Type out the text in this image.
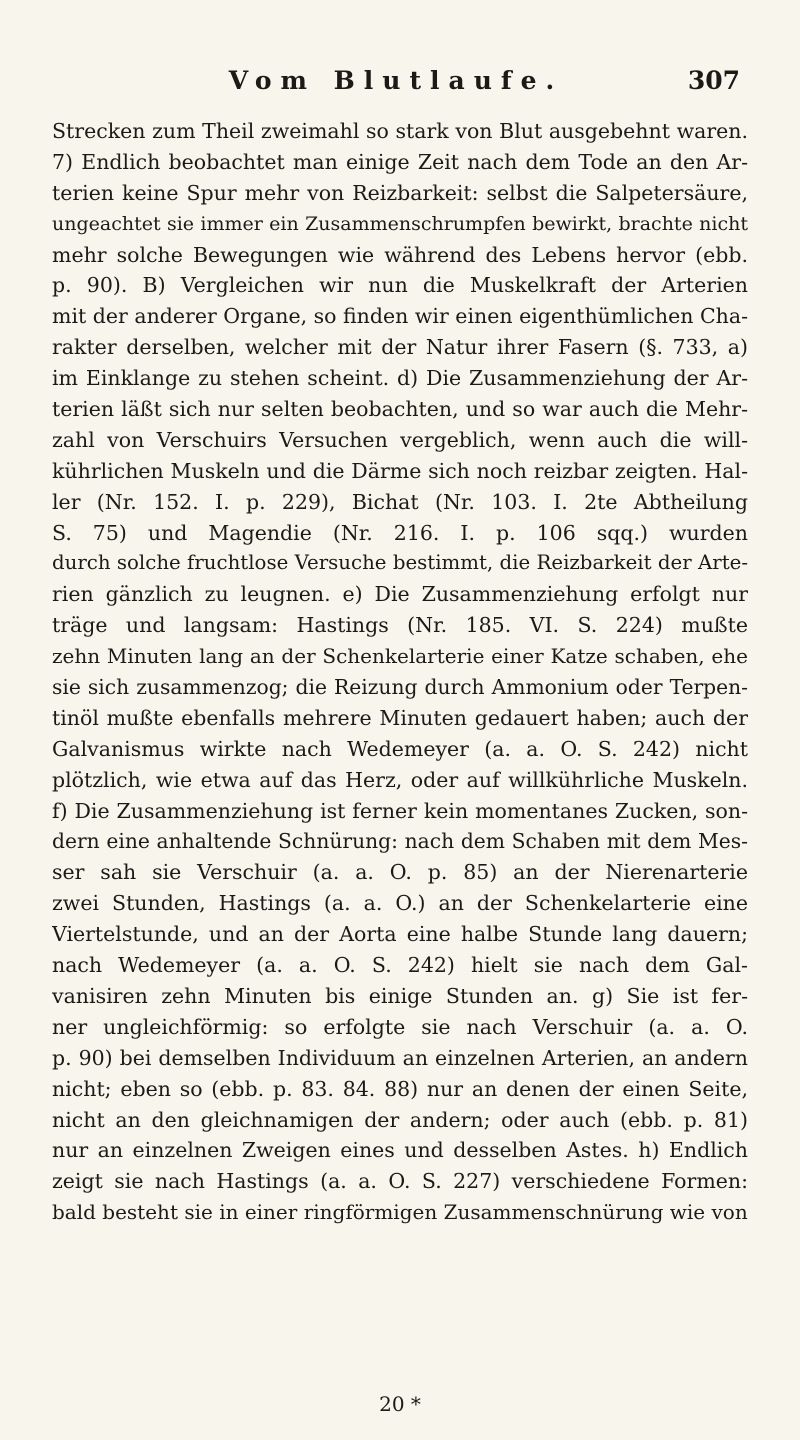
Vom Blutlaufe.	307
Strecken zum Theil zweimahl so stark von Blut ausgebehnt waren.
7) Endlich beobachtet man einige Zeit nach dem Tode an den Ar-
terien keine Spur mehr von Reizbarkeit: selbst die Salpetersäure,
ungeachtet sie immer ein Zusammenschrumpfen bewirkt, brachte nicht
mehr solche Bewegungen wie während des Lebens hervor (ebb.
p. 90). B) Vergleichen wir nun die Muskelkraft der Arterien
mit der anderer Organe, so finden wir einen eigenthümlichen Cha-
rakter derselben, welcher mit der Natur ihrer Fasern (§. 733, a)
im Einklange zu stehen scheint. d) Die Zusammenziehung der Ar-
terien läßt sich nur selten beobachten, und so war auch die Mehr-
zahl von Verschuirs Versuchen vergeblich, wenn auch die will-
kührlichen Muskeln und die Därme sich noch reizbar zeigten. Hal-
ler (Nr. 152. I. p. 229), Bichat (Nr. 103. I. 2te Abtheilung
S. 75) und Magendie (Nr. 216. I. p. 106 sqq.) wurden
durch solche fruchtlose Versuche bestimmt, die Reizbarkeit der Arte-
rien gänzlich zu leugnen. e) Die Zusammenziehung erfolgt nur
träge und langsam: Hastings (Nr. 185. VI. S. 224) mußte
zehn Minuten lang an der Schenkelarterie einer Katze schaben, ehe
sie sich zusammenzog; die Reizung durch Ammonium oder Terpen-
tinöl mußte ebenfalls mehrere Minuten gedauert haben; auch der
Galvanismus wirkte nach Wedemeyer (a. a. O. S. 242) nicht
plötzlich, wie etwa auf das Herz, oder auf willkührliche Muskeln.
f) Die Zusammenziehung ist ferner kein momentanes Zucken, son-
dern eine anhaltende Schnürung: nach dem Schaben mit dem Mes-
ser sah sie Verschuir (a. a. O. p. 85) an der Nierenarterie
zwei Stunden, Hastings (a. a. O.) an der Schenkelarterie eine
Viertelstunde, und an der Aorta eine halbe Stunde lang dauern;
nach Wedemeyer (a. a. O. S. 242) hielt sie nach dem Gal-
vanisiren zehn Minuten bis einige Stunden an. g) Sie ist fer-
ner ungleichförmig: so erfolgte sie nach Verschuir (a. a. O.
p. 90) bei demselben Individuum an einzelnen Arterien, an andern
nicht; eben so (ebb. p. 83. 84. 88) nur an denen der einen Seite,
nicht an den gleichnamigen der andern; oder auch (ebb. p. 81)
nur an einzelnen Zweigen eines und desselben Astes. h) Endlich
zeigt sie nach Hastings (a. a. O. S. 227) verschiedene Formen:
bald besteht sie in einer ringförmigen Zusammenschnürung wie von
20 *
